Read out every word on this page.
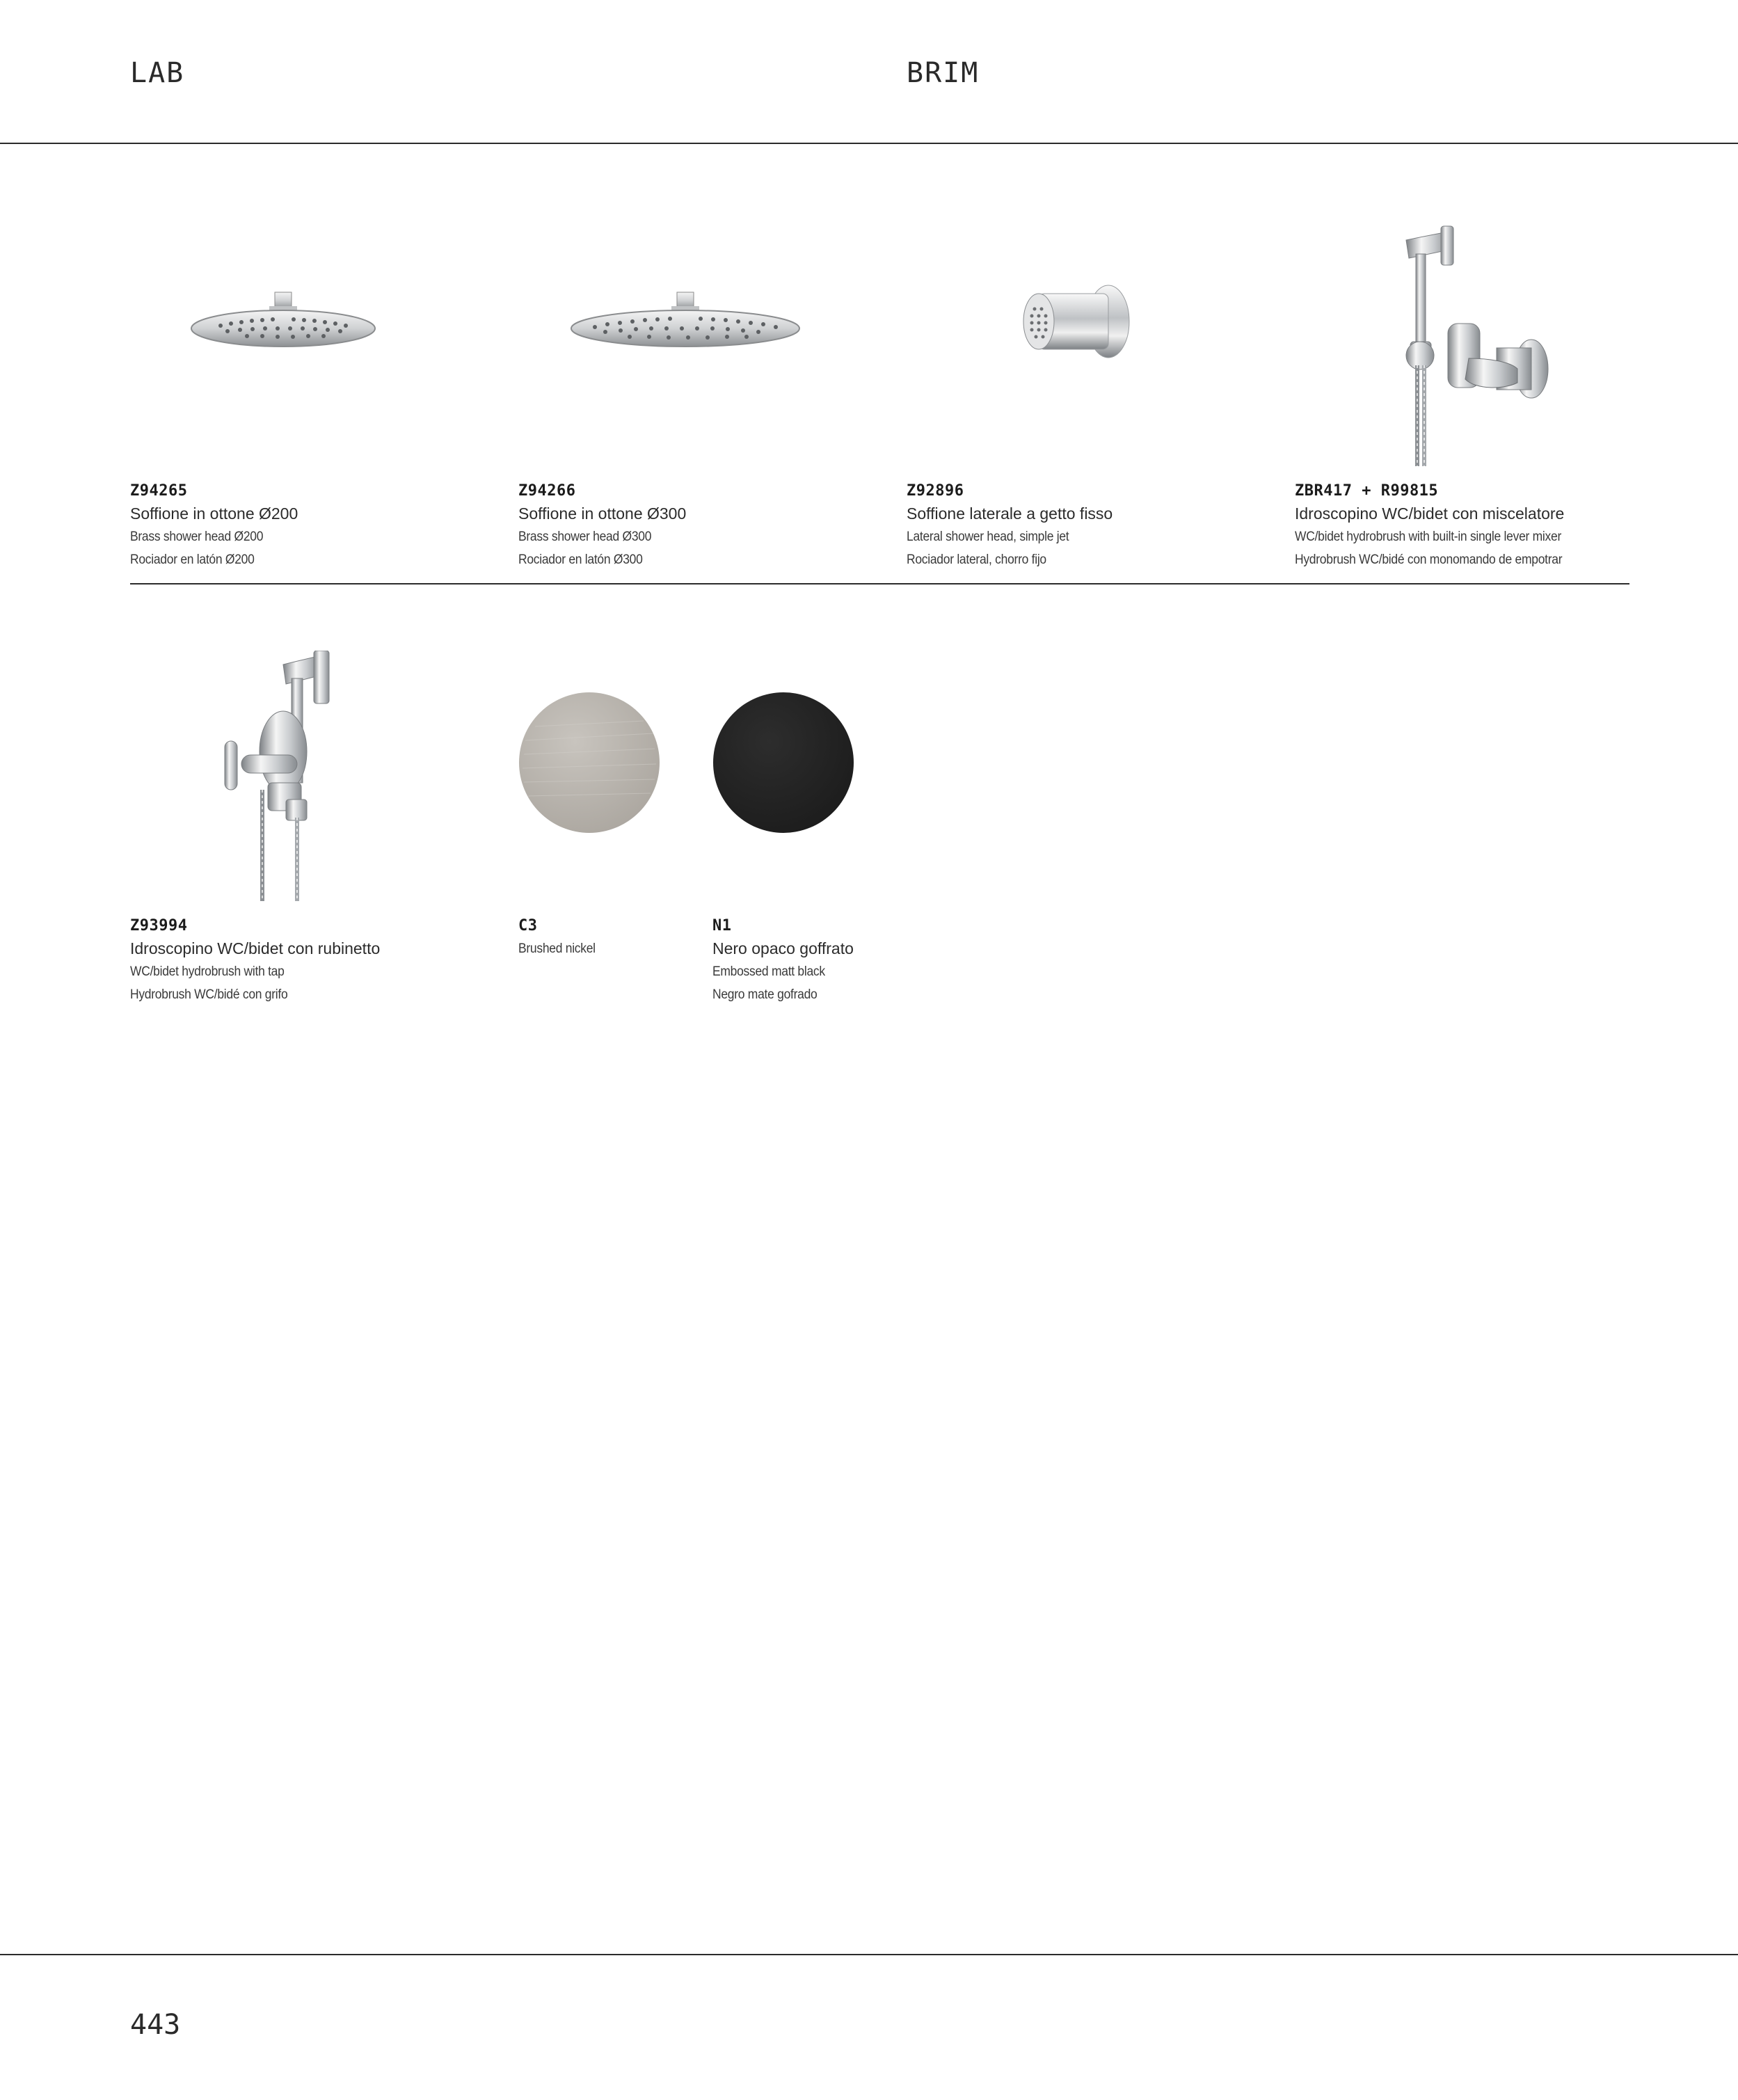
LAB	BRIM
Z94265
Soffione in ottone Ø200
Brass shower head Ø200
Rociador en latón Ø200
Z94266
Soffione in ottone Ø300
Brass shower head Ø300
Rociador en latón Ø300
Z92896
Soffione laterale a getto fisso
Lateral shower head, simple jet
Rociador lateral, chorro fijo
ZBR417 + R99815
Idroscopino WC/bidet con miscelatore
WC/bidet hydrobrush with built-in single lever mixer
Hydrobrush WC/bidé con monomando de empotrar
Z93994
Idroscopino WC/bidet con rubinetto
WC/bidet hydrobrush with tap
Hydrobrush WC/bidé con grifo
C3
Brushed nickel
N1
Nero opaco goffrato
Embossed matt black
Negro mate gofrado
443
